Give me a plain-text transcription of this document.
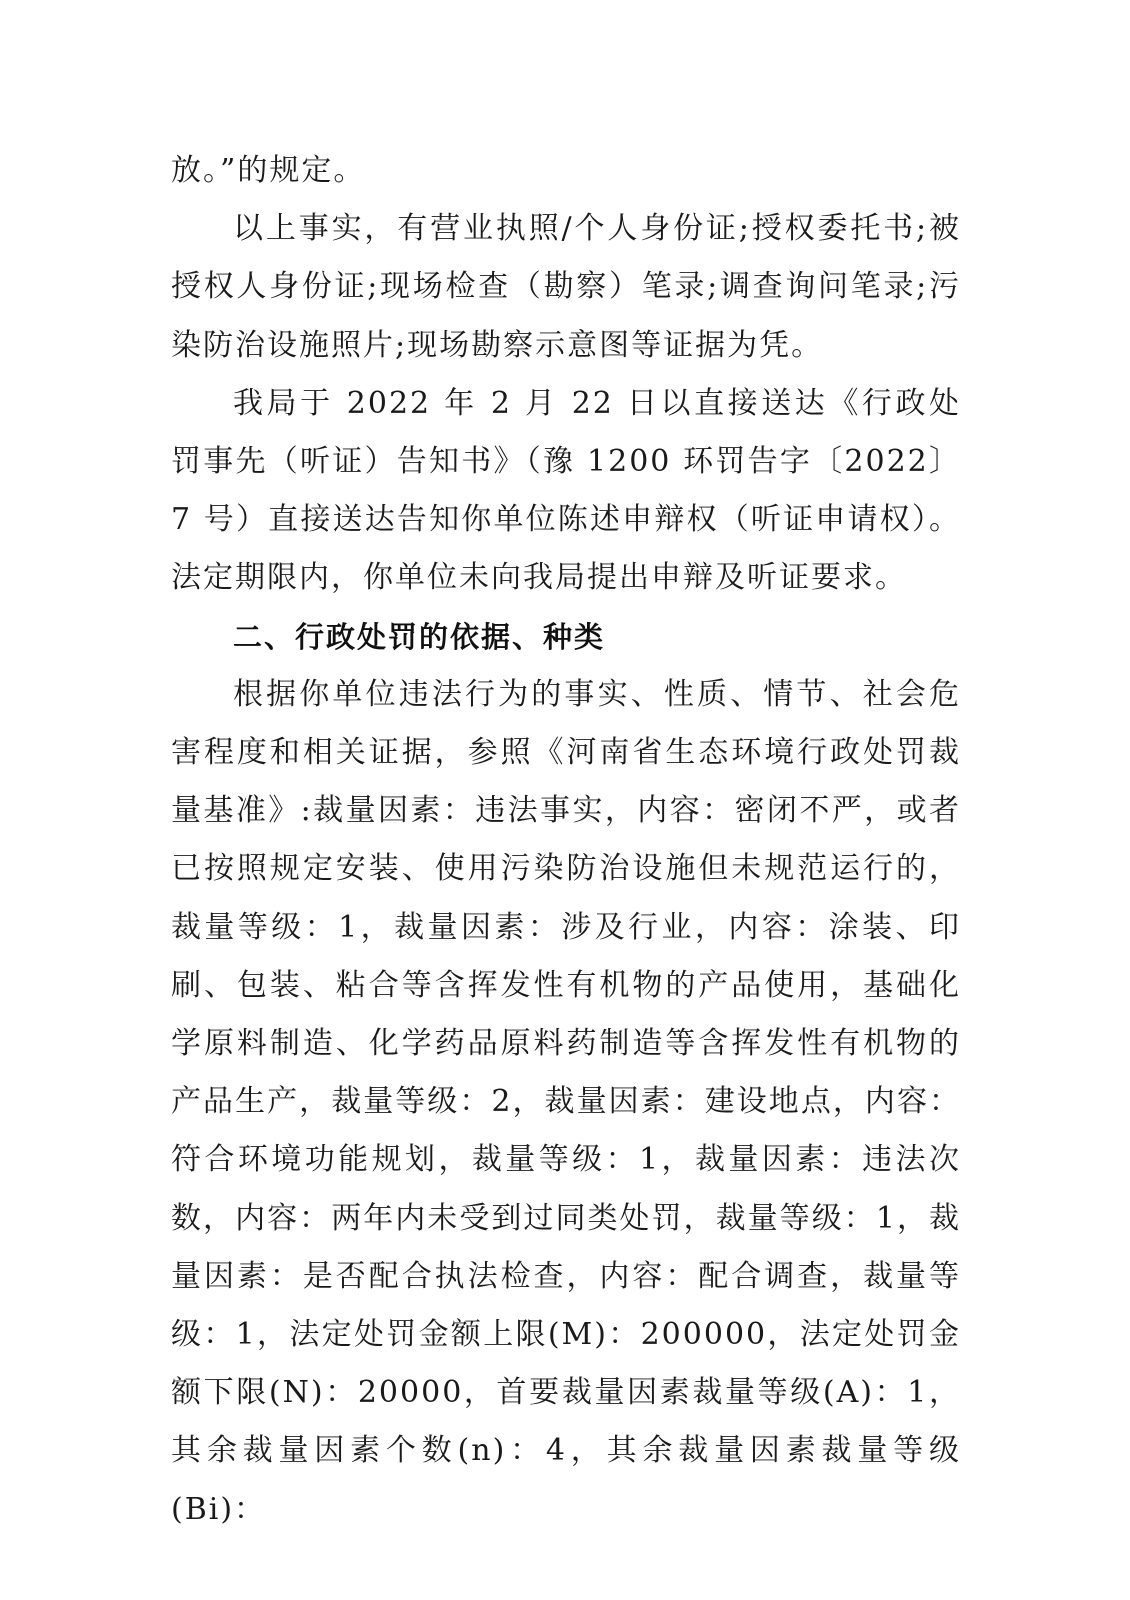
放。”的规定。

以上事实，有营业执照/个人身份证;授权委托书;被授权人身份证;现场检查（勘察）笔录;调查询问笔录;污染防治设施照片;现场勘察示意图等证据为凭。

我局于 2022 年 2 月 22 日以直接送达《行政处罚事先（听证）告知书》（豫 1200 环罚告字〔2022〕7 号）直接送达告知你单位陈述申辩权（听证申请权）。法定期限内，你单位未向我局提出申辩及听证要求。

二、行政处罚的依据、种类

根据你单位违法行为的事实、性质、情节、社会危害程度和相关证据，参照《河南省生态环境行政处罚裁量基准》:裁量因素：违法事实，内容：密闭不严，或者已按照规定安装、使用污染防治设施但未规范运行的，裁量等级：1，裁量因素：涉及行业，内容：涂装、印刷、包装、粘合等含挥发性有机物的产品使用，基础化学原料制造、化学药品原料药制造等含挥发性有机物的产品生产，裁量等级：2，裁量因素：建设地点，内容：符合环境功能规划，裁量等级：1，裁量因素：违法次数，内容：两年内未受到过同类处罚，裁量等级：1，裁量因素：是否配合执法检查，内容：配合调查，裁量等级：1，法定处罚金额上限(M)：200000，法定处罚金额下限(N)：20000，首要裁量因素裁量等级(A)：1，其余裁量因素个数(n)：4，其余裁量因素裁量等级(Bi)：
